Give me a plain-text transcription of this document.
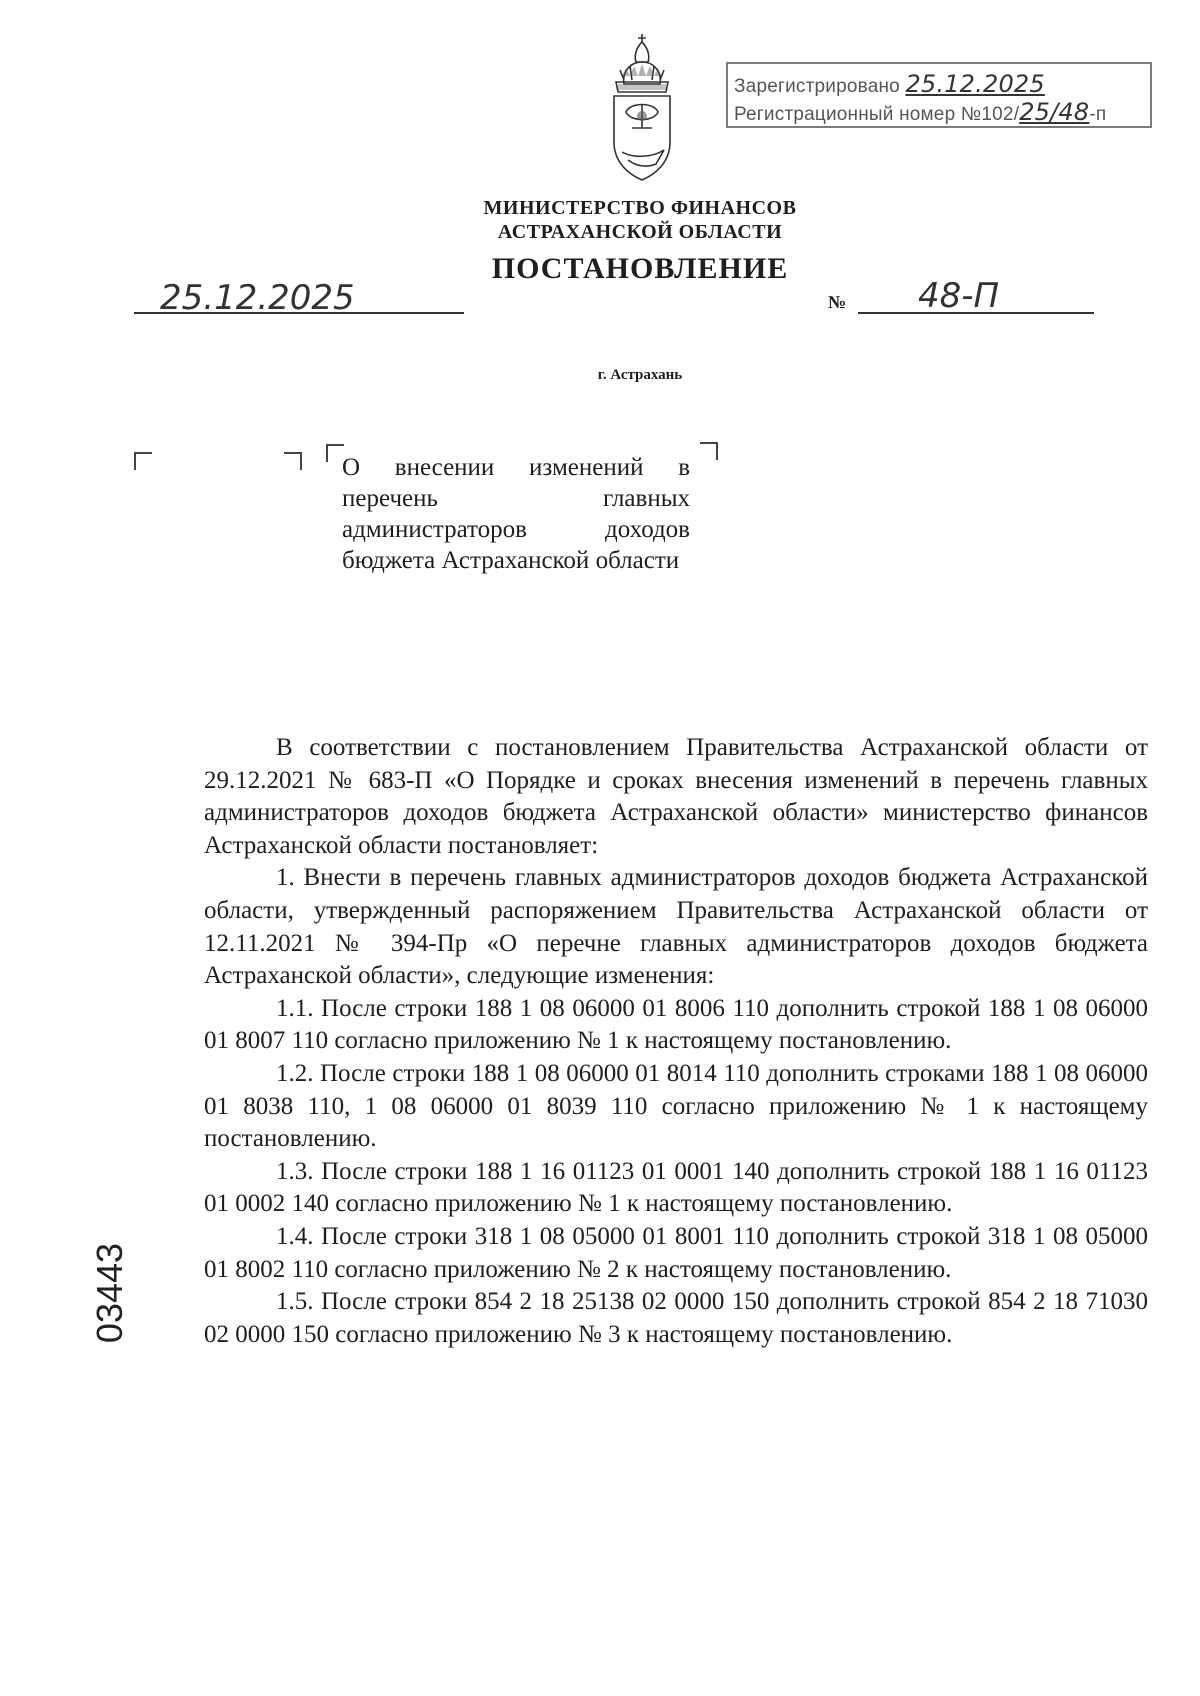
Зарегистрировано 25.12.2025
Регистрационный номер №102/25/48-п
МИНИСТЕРСТВО ФИНАНСОВ
АСТРАХАНСКОЙ ОБЛАСТИ
ПОСТАНОВЛЕНИЕ
25.12.2025	№ 48-П
г. Астрахань
О внесении изменений в перечень главных администраторов доходов бюджета Астраханской области

В соответствии с постановлением Правительства Астраханской области от 29.12.2021 № 683-П «О Порядке и сроках внесения изменений в перечень главных администраторов доходов бюджета Астраханской области» министерство финансов Астраханской области постановляет:

1. Внести в перечень главных администраторов доходов бюджета Астраханской области, утвержденный распоряжением Правительства Астраханской области от 12.11.2021 № 394-Пр «О перечне главных администраторов доходов бюджета Астраханской области», следующие изменения:

1.1. После строки 188 1 08 06000 01 8006 110 дополнить строкой 188 1 08 06000 01 8007 110 согласно приложению № 1 к настоящему постановлению.

1.2. После строки 188 1 08 06000 01 8014 110 дополнить строками 188 1 08 06000 01 8038 110, 1 08 06000 01 8039 110 согласно приложению № 1 к настоящему постановлению.

1.3. После строки 188 1 16 01123 01 0001 140 дополнить строкой 188 1 16 01123 01 0002 140 согласно приложению № 1 к настоящему постановлению.

1.4. После строки 318 1 08 05000 01 8001 110 дополнить строкой 318 1 08 05000 01 8002 110 согласно приложению № 2 к настоящему постановлению.

1.5. После строки 854 2 18 25138 02 0000 150 дополнить строкой 854 2 18 71030 02 0000 150 согласно приложению № 3 к настоящему постановлению.

03443
